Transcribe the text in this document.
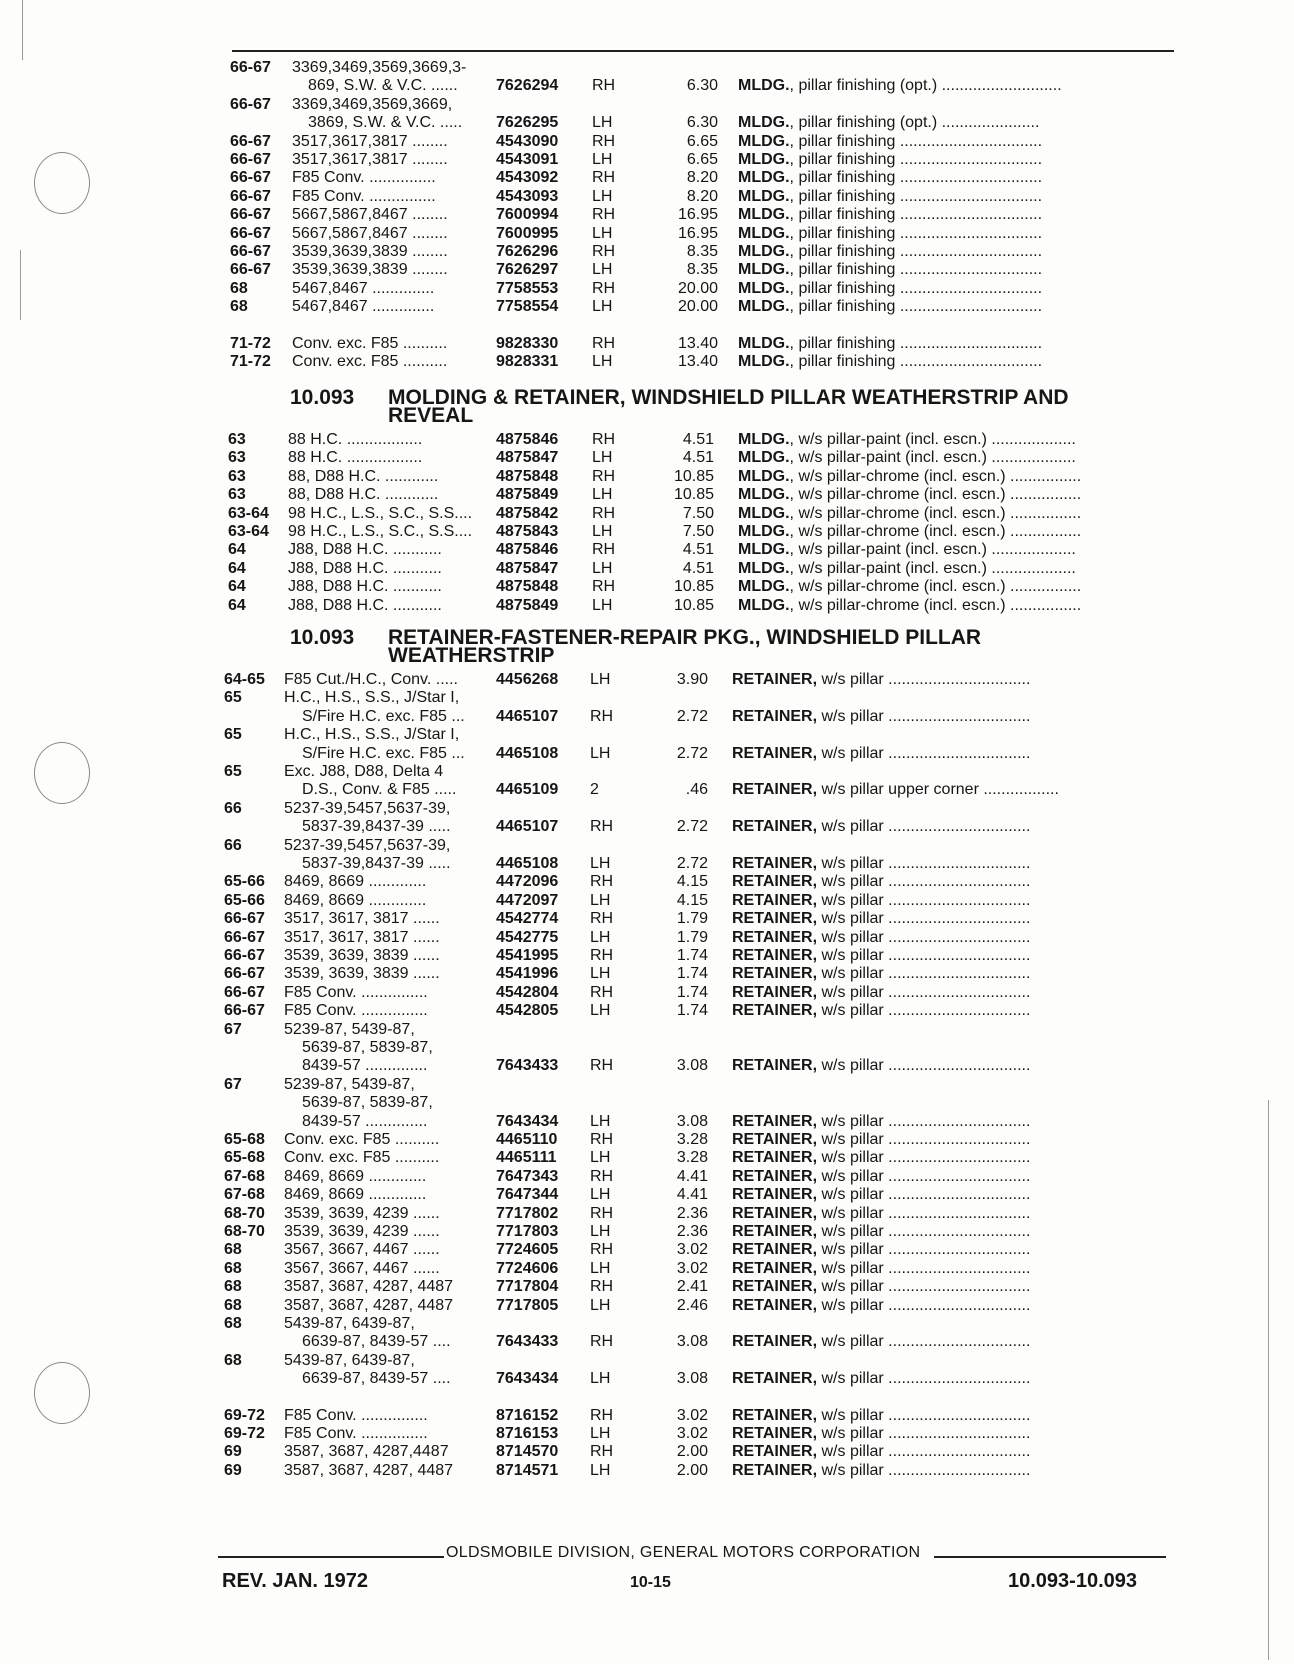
66-67 3369,3469,3569,3669,3-
869, S.W. & V.C. ...... 7626294 RH	6.30 MLDG., pillar finishing (opt.) ...........................
66-67 3369,3469,3569,3669,
3869, S.W. & V.C. ..... 7626295 LH	6.30 MLDG., pillar finishing (opt.) ......................
66-67 3517,3617,3817 ........	4543090 RH	6.65 MLDG., pillar finishing ................................
66-67 3517,3617,3817 ........	4543091 LH	6.65 MLDG., pillar finishing ................................
66-67 F85 Conv. ...............	4543092 RH	8.20 MLDG., pillar finishing ................................
66-67 F85 Conv. ...............	4543093 LH	8.20 MLDG., pillar finishing ................................
66-67 5667,5867,8467 ........	7600994 RH	16.95 MLDG., pillar finishing ................................
66-67 5667,5867,8467 ........	7600995 LH	16.95 MLDG., pillar finishing ................................
66-67 3539,3639,3839 ........	7626296 RH	8.35 MLDG., pillar finishing ................................
66-67 3539,3639,3839 ........	7626297 LH	8.35 MLDG., pillar finishing ................................
68	5467,8467 ..............	7758553 RH	20.00 MLDG., pillar finishing ................................
68	5467,8467 ..............	7758554 LH	20.00 MLDG., pillar finishing ................................
71-72 Conv. exc. F85 ..........	9828330 RH	13.40 MLDG., pillar finishing ................................
71-72 Conv. exc. F85 ..........	9828331 LH	13.40 MLDG., pillar finishing ................................
63	88 H.C. .................	4875846 RH	4.51 MLDG., w/s pillar-paint (incl. escn.) ...................
63	88 H.C. .................	4875847 LH	4.51 MLDG., w/s pillar-paint (incl. escn.) ...................
63	88, D88 H.C. ............	4875848 RH	10.85 MLDG., w/s pillar-chrome (incl. escn.) ................
63	88, D88 H.C. ............	4875849 LH	10.85 MLDG., w/s pillar-chrome (incl. escn.) ................
63-64 98 H.C., L.S., S.C., S.S.... 4875842 RH	7.50 MLDG., w/s pillar-chrome (incl. escn.) ................
63-64 98 H.C., L.S., S.C., S.S.... 4875843 LH	7.50 MLDG., w/s pillar-chrome (incl. escn.) ................
64	J88, D88 H.C. ...........	4875846 RH	4.51 MLDG., w/s pillar-paint (incl. escn.) ...................
64	J88, D88 H.C. ...........	4875847 LH	4.51 MLDG., w/s pillar-paint (incl. escn.) ...................
64	J88, D88 H.C. ...........	4875848 RH	10.85 MLDG., w/s pillar-chrome (incl. escn.) ................
64	J88, D88 H.C. ...........	4875849 LH	10.85 MLDG., w/s pillar-chrome (incl. escn.) ................
64-65 F85 Cut./H.C., Conv. ..... 4456268 LH	3.90 RETAINER, w/s pillar ................................
65	H.C., H.S., S.S., J/Star I,
S/Fire H.C. exc. F85 ... 4465107 RH	2.72 RETAINER, w/s pillar ................................
65	H.C., H.S., S.S., J/Star I,
S/Fire H.C. exc. F85 ... 4465108 LH	2.72 RETAINER, w/s pillar ................................
65	Exc. J88, D88, Delta 4
D.S., Conv. & F85 ..... 4465109 2	.46 RETAINER, w/s pillar upper corner .................
66	5237-39,5457,5637-39,
5837-39,8437-39 .....	4465107 RH	2.72 RETAINER, w/s pillar ................................
66	5237-39,5457,5637-39,
5837-39,8437-39 .....	4465108 LH	2.72 RETAINER, w/s pillar ................................
65-66 8469, 8669 .............	4472096 RH	4.15 RETAINER, w/s pillar ................................
65-66 8469, 8669 .............	4472097 LH	4.15 RETAINER, w/s pillar ................................
66-67 3517, 3617, 3817 ......	4542774 RH	1.79 RETAINER, w/s pillar ................................
66-67 3517, 3617, 3817 ......	4542775 LH	1.79 RETAINER, w/s pillar ................................
66-67 3539, 3639, 3839 ......	4541995 RH	1.74 RETAINER, w/s pillar ................................
66-67 3539, 3639, 3839 ......	4541996 LH	1.74 RETAINER, w/s pillar ................................
66-67 F85 Conv. ...............	4542804 RH	1.74 RETAINER, w/s pillar ................................
66-67 F85 Conv. ...............	4542805 LH	1.74 RETAINER, w/s pillar ................................
67	5239-87, 5439-87,
5639-87, 5839-87,
8439-57 ..............	7643433 RH	3.08 RETAINER, w/s pillar ................................
67	5239-87, 5439-87,
5639-87, 5839-87,
8439-57 ..............	7643434 LH	3.08 RETAINER, w/s pillar ................................
65-68 Conv. exc. F85 ..........	4465110 RH	3.28 RETAINER, w/s pillar ................................
65-68 Conv. exc. F85 ..........	4465111 LH	3.28 RETAINER, w/s pillar ................................
67-68 8469, 8669 .............	7647343 RH	4.41 RETAINER, w/s pillar ................................
67-68 8469, 8669 .............	7647344 LH	4.41 RETAINER, w/s pillar ................................
68-70 3539, 3639, 4239 ......	7717802 RH	2.36 RETAINER, w/s pillar ................................
68-70 3539, 3639, 4239 ......	7717803 LH	2.36 RETAINER, w/s pillar ................................
68	3567, 3667, 4467 ......	7724605 RH	3.02 RETAINER, w/s pillar ................................
68	3567, 3667, 4467 ......	7724606 LH	3.02 RETAINER, w/s pillar ................................
68	3587, 3687, 4287, 4487	7717804 RH	2.41 RETAINER, w/s pillar ................................
68	3587, 3687, 4287, 4487	7717805 LH	2.46 RETAINER, w/s pillar ................................
68	5439-87, 6439-87,
6639-87, 8439-57 ....	7643433 RH	3.08 RETAINER, w/s pillar ................................
68	5439-87, 6439-87,
6639-87, 8439-57 ....	7643434 LH	3.08 RETAINER, w/s pillar ................................
69-72 F85 Conv. ...............	8716152 RH	3.02 RETAINER, w/s pillar ................................
69-72 F85 Conv. ...............	8716153 LH	3.02 RETAINER, w/s pillar ................................
69	3587, 3687, 4287,4487	8714570 RH	2.00 RETAINER, w/s pillar ................................
69	3587, 3687, 4287, 4487	8714571 LH	2.00 RETAINER, w/s pillar ................................
10.093 MOLDING & RETAINER, WINDSHIELD PILLAR WEATHERSTRIP AND
REVEAL
10.093 RETAINER-FASTENER-REPAIR PKG., WINDSHIELD PILLAR
WEATHERSTRIP
OLDSMOBILE DIVISION, GENERAL MOTORS CORPORATION
REV. JAN. 1972	10-15	10.093-10.093
